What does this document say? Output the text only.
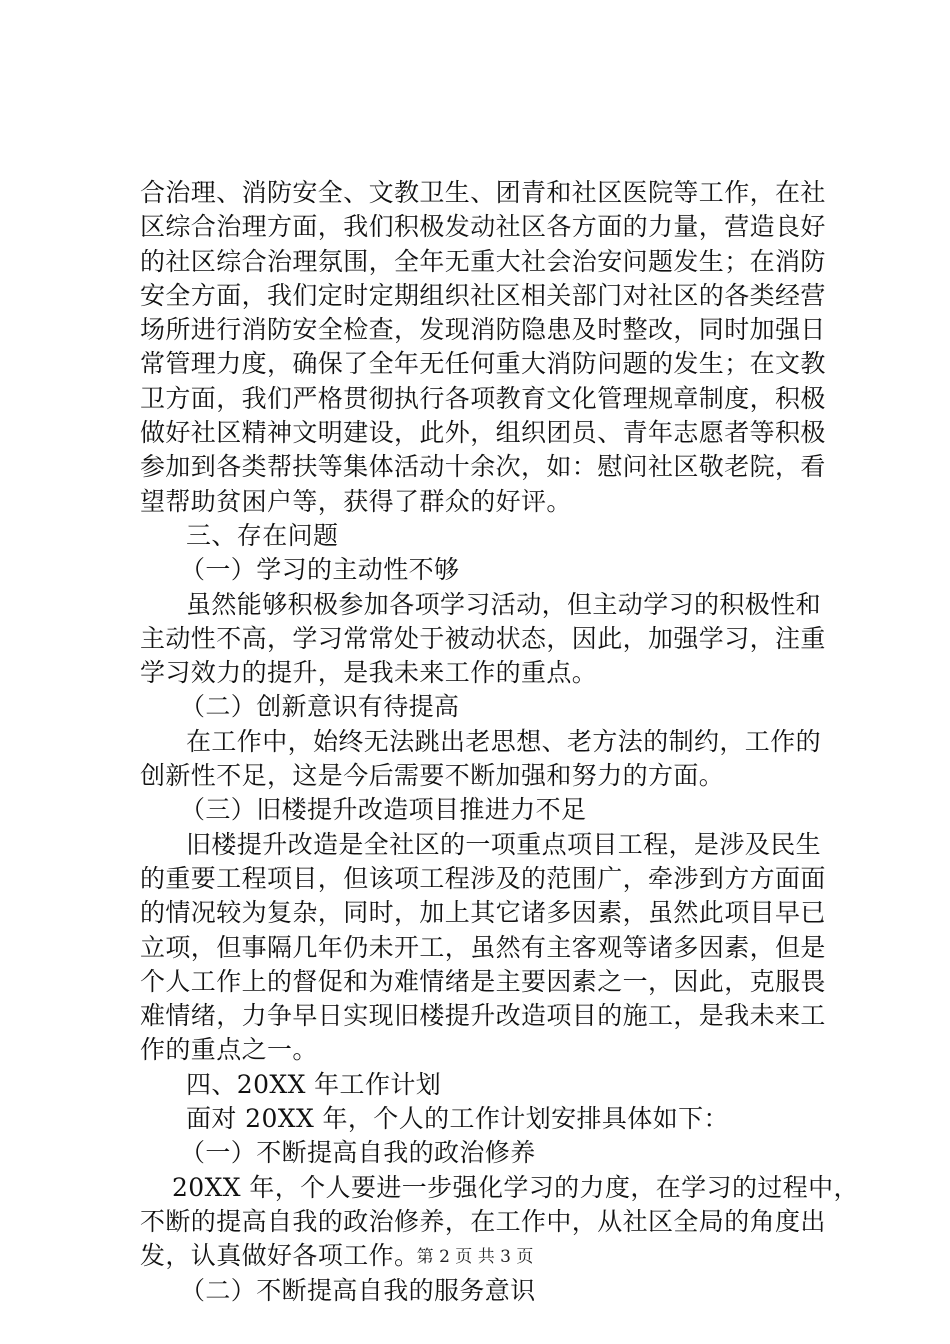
合治理、消防安全、文教卫生、团青和社区医院等工作，在社
区综合治理方面，我们积极发动社区各方面的力量，营造良好
的社区综合治理氛围，全年无重大社会治安问题发生；在消防
安全方面，我们定时定期组织社区相关部门对社区的各类经营
场所进行消防安全检查，发现消防隐患及时整改，同时加强日
常管理力度，确保了全年无任何重大消防问题的发生；在文教
卫方面，我们严格贯彻执行各项教育文化管理规章制度，积极
做好社区精神文明建设，此外，组织团员、青年志愿者等积极
参加到各类帮扶等集体活动十余次，如：慰问社区敬老院，看
望帮助贫困户等，获得了群众的好评。
三、存在问题
（一）学习的主动性不够
虽然能够积极参加各项学习活动，但主动学习的积极性和
主动性不高，学习常常处于被动状态，因此，加强学习，注重
学习效力的提升，是我未来工作的重点。
（二）创新意识有待提高
在工作中，始终无法跳出老思想、老方法的制约，工作的
创新性不足，这是今后需要不断加强和努力的方面。
（三）旧楼提升改造项目推进力不足
旧楼提升改造是全社区的一项重点项目工程，是涉及民生
的重要工程项目，但该项工程涉及的范围广，牵涉到方方面面
的情况较为复杂，同时，加上其它诸多因素，虽然此项目早已
立项，但事隔几年仍未开工，虽然有主客观等诸多因素，但是
个人工作上的督促和为难情绪是主要因素之一，因此，克服畏
难情绪，力争早日实现旧楼提升改造项目的施工，是我未来工
作的重点之一。
四、20XX 年工作计划
面对 20XX 年，个人的工作计划安排具体如下：
（一）不断提高自我的政治修养
20XX 年，个人要进一步强化学习的力度，在学习的过程中，
不断的提高自我的政治修养，在工作中，从社区全局的角度出
发，认真做好各项工作。
（二）不断提高自我的服务意识
第 2 页 共 3 页
